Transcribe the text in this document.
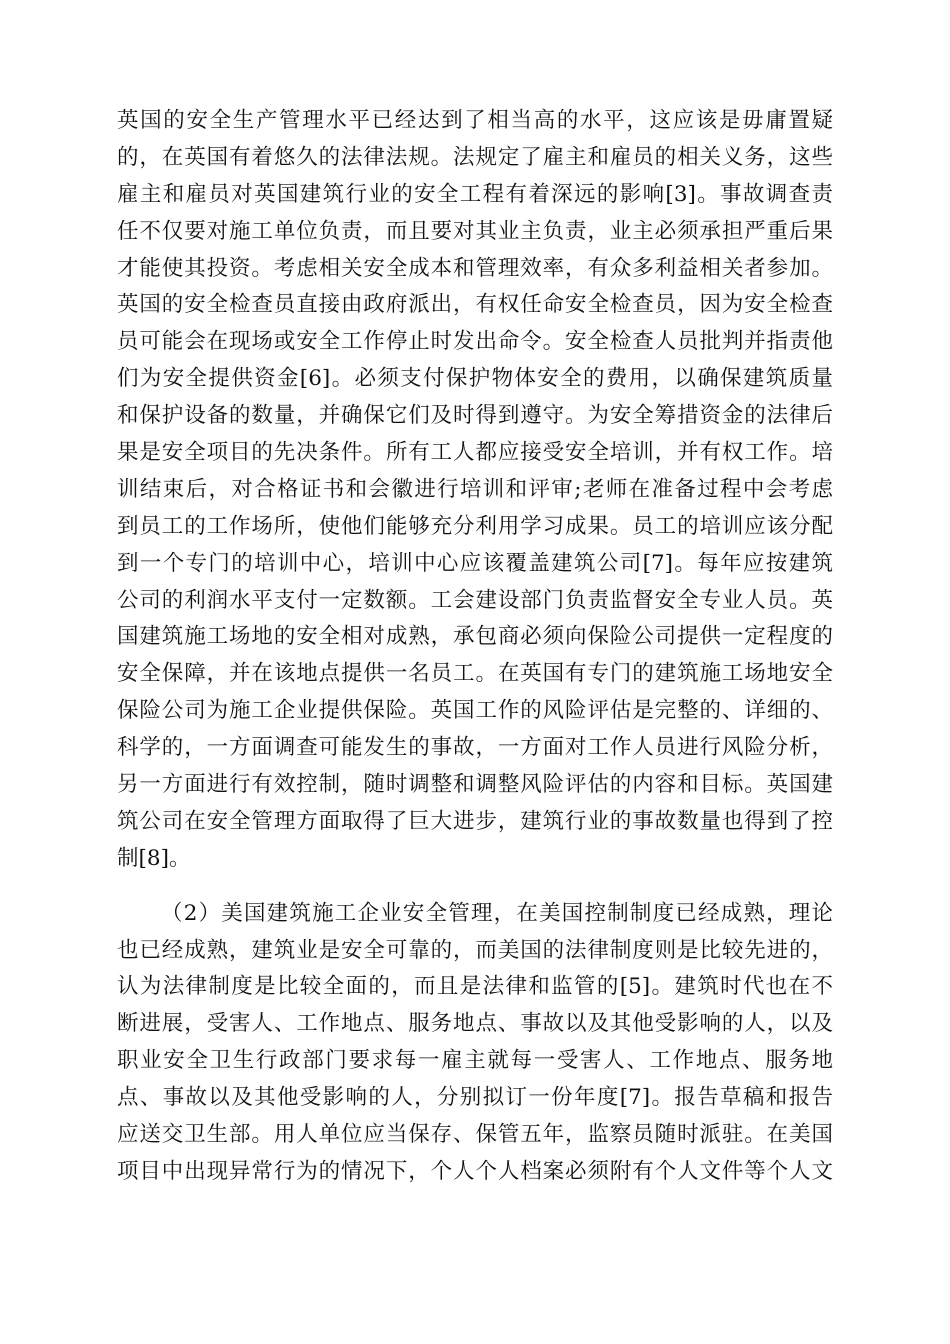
英国的安全生产管理水平已经达到了相当高的水平，这应该是毋庸置疑
的，在英国有着悠久的法律法规。法规定了雇主和雇员的相关义务，这些
雇主和雇员对英国建筑行业的安全工程有着深远的影响[3]。事故调查责
任不仅要对施工单位负责，而且要对其业主负责，业主必须承担严重后果
才能使其投资。考虑相关安全成本和管理效率，有众多利益相关者参加。
英国的安全检查员直接由政府派出，有权任命安全检查员，因为安全检查
员可能会在现场或安全工作停止时发出命令。安全检查人员批判并指责他
们为安全提供资金[6]。必须支付保护物体安全的费用，以确保建筑质量
和保护设备的数量，并确保它们及时得到遵守。为安全筹措资金的法律后
果是安全项目的先决条件。所有工人都应接受安全培训，并有权工作。培
训结束后，对合格证书和会徽进行培训和评审;老师在准备过程中会考虑
到员工的工作场所，使他们能够充分利用学习成果。员工的培训应该分配
到一个专门的培训中心，培训中心应该覆盖建筑公司[7]。每年应按建筑
公司的利润水平支付一定数额。工会建设部门负责监督安全专业人员。英
国建筑施工场地的安全相对成熟，承包商必须向保险公司提供一定程度的
安全保障，并在该地点提供一名员工。在英国有专门的建筑施工场地安全
保险公司为施工企业提供保险。英国工作的风险评估是完整的、详细的、
科学的，一方面调查可能发生的事故，一方面对工作人员进行风险分析，
另一方面进行有效控制，随时调整和调整风险评估的内容和目标。英国建
筑公司在安全管理方面取得了巨大进步，建筑行业的事故数量也得到了控
制[8]。
（2）美国建筑施工企业安全管理，在美国控制制度已经成熟，理论
也已经成熟，建筑业是安全可靠的，而美国的法律制度则是比较先进的，
认为法律制度是比较全面的，而且是法律和监管的[5]。建筑时代也在不
断进展，受害人、工作地点、服务地点、事故以及其他受影响的人，以及
职业安全卫生行政部门要求每一雇主就每一受害人、工作地点、服务地
点、事故以及其他受影响的人，分别拟订一份年度[7]。报告草稿和报告
应送交卫生部。用人单位应当保存、保管五年，监察员随时派驻。在美国
项目中出现异常行为的情况下，个人个人档案必须附有个人文件等个人文
